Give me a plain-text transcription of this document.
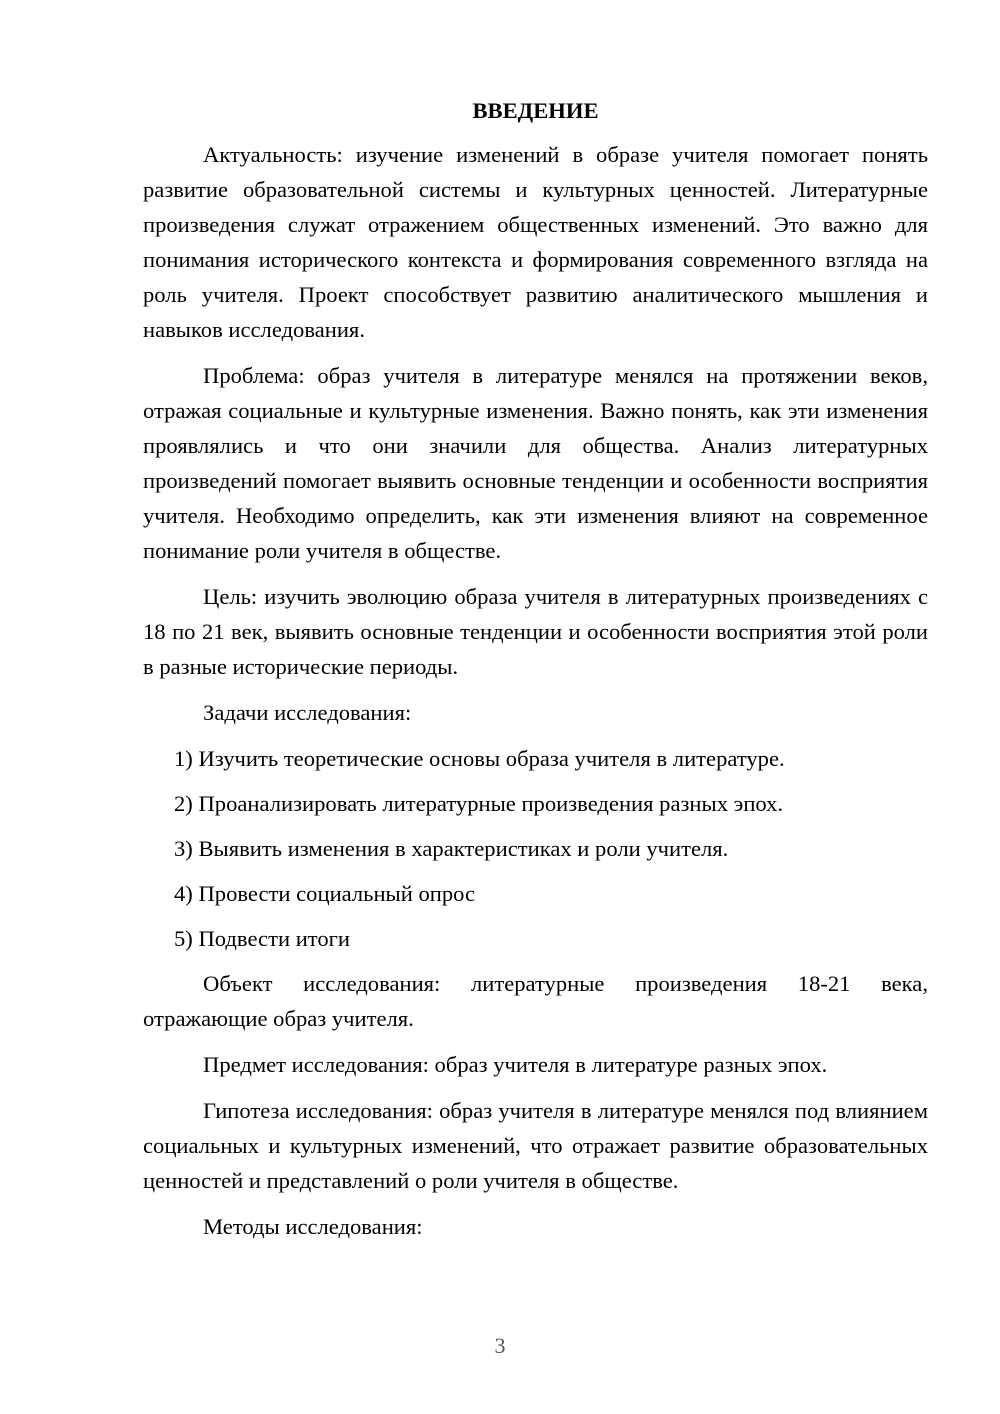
ВВЕДЕНИЕ

Актуальность: изучение изменений в образе учителя помогает понять развитие образовательной системы и культурных ценностей. Литературные произведения служат отражением общественных изменений. Это важно для понимания исторического контекста и формирования современного взгляда на роль учителя. Проект способствует развитию аналитического мышления и навыков исследования.

Проблема: образ учителя в литературе менялся на протяжении веков, отражая социальные и культурные изменения. Важно понять, как эти изменения проявлялись и что они значили для общества. Анализ литературных произведений помогает выявить основные тенденции и особенности восприятия учителя. Необходимо определить, как эти изменения влияют на современное понимание роли учителя в обществе.

Цель: изучить эволюцию образа учителя в литературных произведениях с 18 по 21 век, выявить основные тенденции и особенности восприятия этой роли в разные исторические периоды.

Задачи исследования:

1) Изучить теоретические основы образа учителя в литературе.

2) Проанализировать литературные произведения разных эпох.

3) Выявить изменения в характеристиках и роли учителя.

4) Провести социальный опрос

5) Подвести итоги

Объект исследования: литературные произведения 18-21 века, отражающие образ учителя.

Предмет исследования: образ учителя в литературе разных эпох.

Гипотеза исследования: образ учителя в литературе менялся под влиянием социальных и культурных изменений, что отражает развитие образовательных ценностей и представлений о роли учителя в обществе.

Методы исследования:

3
